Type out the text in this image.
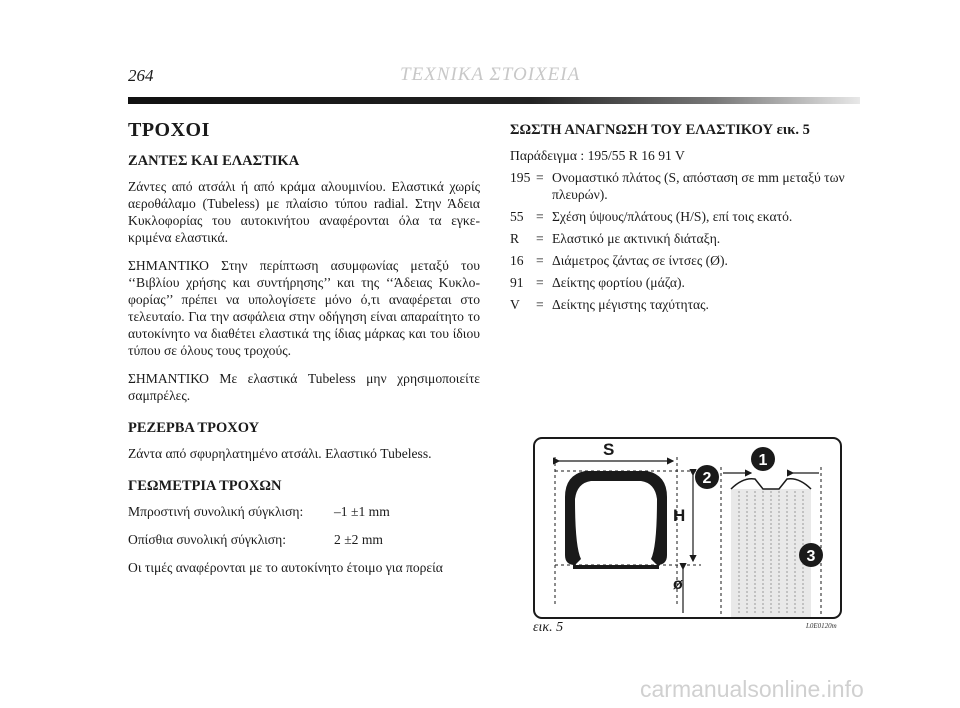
264	ΤΕΧΝΙΚΑ ΣΤΟΙΧΕΙΑ
ΤΡΟΧΟΙ
ΖΑΝΤΕΣ ΚΑΙ ΕΛΑΣΤΙΚΑ

Ζάντες από ατσάλι ή από κράμα αλουμινίου. Ελαστικά χωρίς αεροθάλαμο (Tubeless) με πλαίσιο τύπου radial. Στην Άδεια Κυκλοφορίας του αυτοκινήτου αναφέρονται όλα τα εγκε-κριμένα ελαστικά.

ΣΗΜΑΝΤΙΚΟ Στην περίπτωση ασυμφωνίας μεταξύ του ‘‘Βιβλίου χρήσης και συντήρησης’’ και της ‘‘Άδειας Κυκλο-φορίας’’ πρέπει να υπολογίσετε μόνο ό,τι αναφέρεται στο τελευταίο. Για την ασφάλεια στην οδήγηση είναι απαραίτητο το αυτοκίνητο να διαθέτει ελαστικά της ίδιας μάρκας και του ίδιου τύπου σε όλους τους τροχούς.

ΣΗΜΑΝΤΙΚΟ Με ελαστικά Tubeless μην χρησιμοποιείτε σαμπρέλες.

ΡΕΖΕΡΒΑ ΤΡΟΧΟΥ

Ζάντα από σφυρηλατημένο ατσάλι. Ελαστικό Tubeless.

ΓΕΩΜΕΤΡΙΑ ΤΡΟΧΩΝ
Μπροστινή συνολική σύγκλιση:	–1 ±1 mm
Οπίσθια συνολική σύγκλιση:	2 ±2 mm

Οι τιμές αναφέρονται με το αυτοκίνητο έτοιμο για πορεία

ΣΩΣΤΗ ΑΝΑΓΝΩΣΗ ΤΟΥ ΕΛΑΣΤΙΚΟΥ εικ. 5

Παράδειγμα : 195/55 R 16 91 V

195 = Ονομαστικό πλάτος (S, απόσταση σε mm μεταξύ των πλευρών).
55 = Σχέση ύψους/πλάτους (H/S), επί τοις εκατό.
R	= Ελαστικό με ακτινική διάταξη.
16 = Διάμετρος ζάντας σε ίντσες (Ø).
91 = Δείκτης φορτίου (μάζα).
V	= Δείκτης μέγιστης ταχύτητας.
S
H
ø
1
2
3
εικ. 5	L0E0120m
carmanualsonline.info
